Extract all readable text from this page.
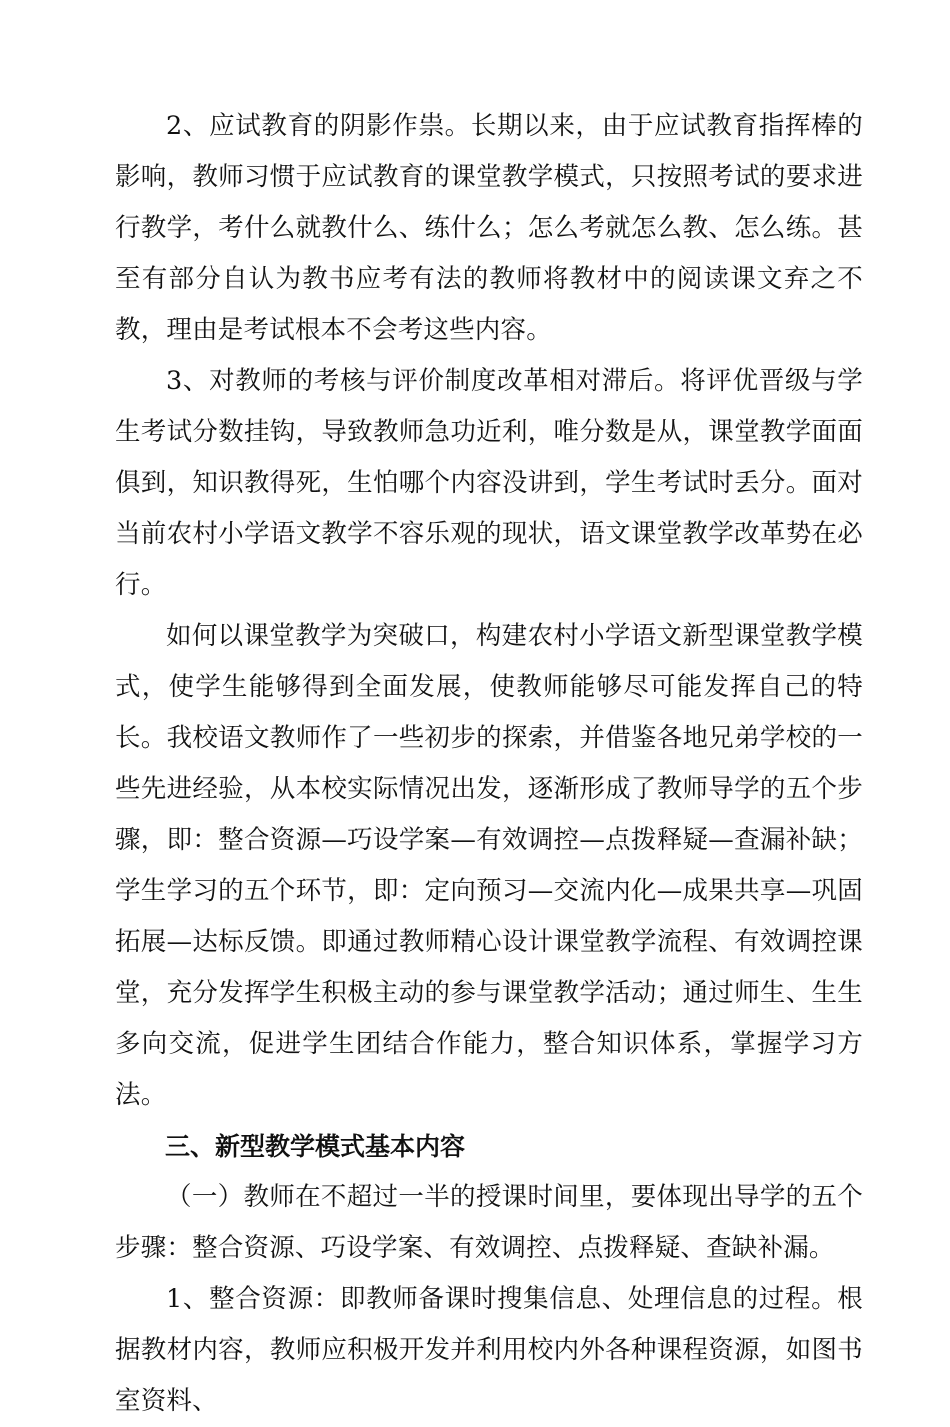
2、应试教育的阴影作祟。长期以来，由于应试教育指挥棒的影响，教师习惯于应试教育的课堂教学模式，只按照考试的要求进行教学，考什么就教什么、练什么；怎么考就怎么教、怎么练。甚至有部分自认为教书应考有法的教师将教材中的阅读课文弃之不教，理由是考试根本不会考这些内容。

3、对教师的考核与评价制度改革相对滞后。将评优晋级与学生考试分数挂钩，导致教师急功近利，唯分数是从，课堂教学面面俱到，知识教得死，生怕哪个内容没讲到，学生考试时丢分。面对当前农村小学语文教学不容乐观的现状，语文课堂教学改革势在必行。

如何以课堂教学为突破口，构建农村小学语文新型课堂教学模式，使学生能够得到全面发展，使教师能够尽可能发挥自己的特长。我校语文教师作了一些初步的探索，并借鉴各地兄弟学校的一些先进经验，从本校实际情况出发，逐渐形成了教师导学的五个步骤，即：整合资源—巧设学案—有效调控—点拨释疑—查漏补缺；学生学习的五个环节，即：定向预习—交流内化—成果共享—巩固拓展—达标反馈。即通过教师精心设计课堂教学流程、有效调控课堂，充分发挥学生积极主动的参与课堂教学活动；通过师生、生生多向交流，促进学生团结合作能力，整合知识体系，掌握学习方法。

三、新型教学模式基本内容

（一）教师在不超过一半的授课时间里，要体现出导学的五个步骤：整合资源、巧设学案、有效调控、点拨释疑、查缺补漏。

1、整合资源：即教师备课时搜集信息、处理信息的过程。根据教材内容，教师应积极开发并利用校内外各种课程资源，如图书室资料、
